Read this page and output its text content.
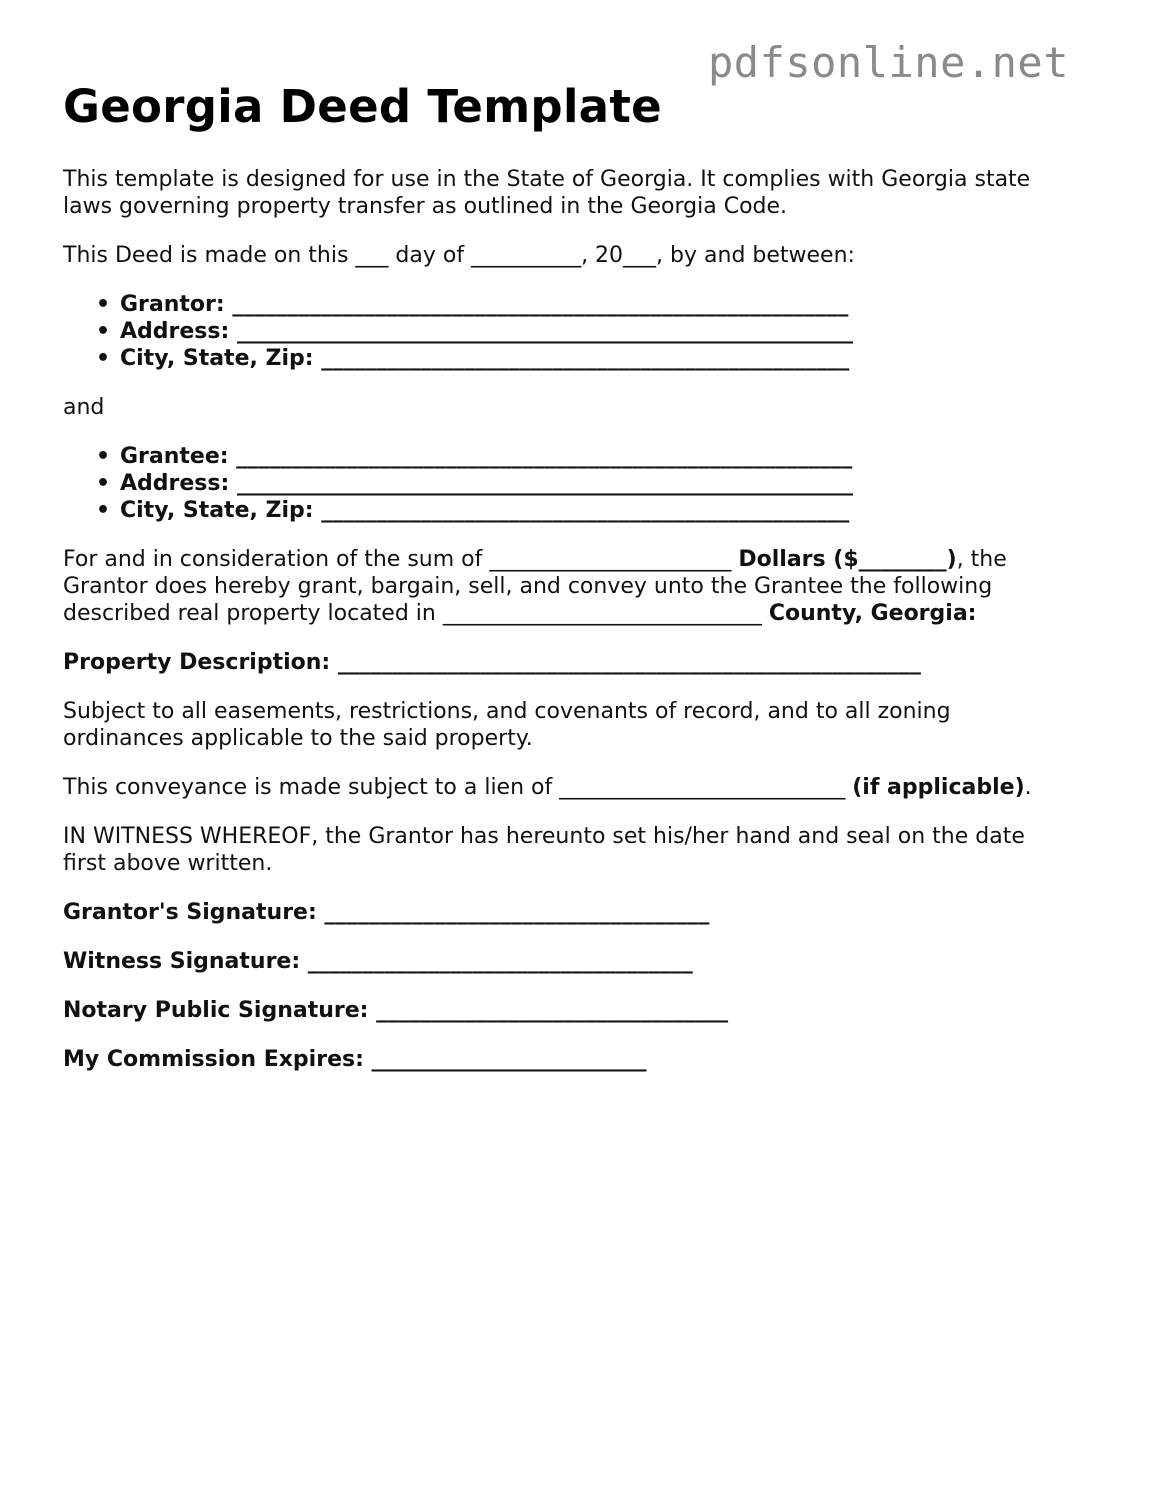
pdfsonline.net
Georgia Deed Template

This template is designed for use in the State of Georgia. It complies with Georgia state laws governing property transfer as outlined in the Georgia Code.

This Deed is made on this ___ day of __________, 20___, by and between:

• Grantor: ________________________________________________________
• Address: ________________________________________________________
• City, State, Zip: ________________________________________________

and

• Grantee: ________________________________________________________
• Address: ________________________________________________________
• City, State, Zip: ________________________________________________

For and in consideration of the sum of ______________________ Dollars ($________), the Grantor does hereby grant, bargain, sell, and convey unto the Grantee the following described real property located in _____________________________ County, Georgia:

Property Description: _____________________________________________________

Subject to all easements, restrictions, and covenants of record, and to all zoning ordinances applicable to the said property.

This conveyance is made subject to a lien of __________________________ (if applicable).

IN WITNESS WHEREOF, the Grantor has hereunto set his/her hand and seal on the date first above written.

Grantor's Signature: ___________________________________

Witness Signature: ___________________________________

Notary Public Signature: ________________________________

My Commission Expires: _________________________
